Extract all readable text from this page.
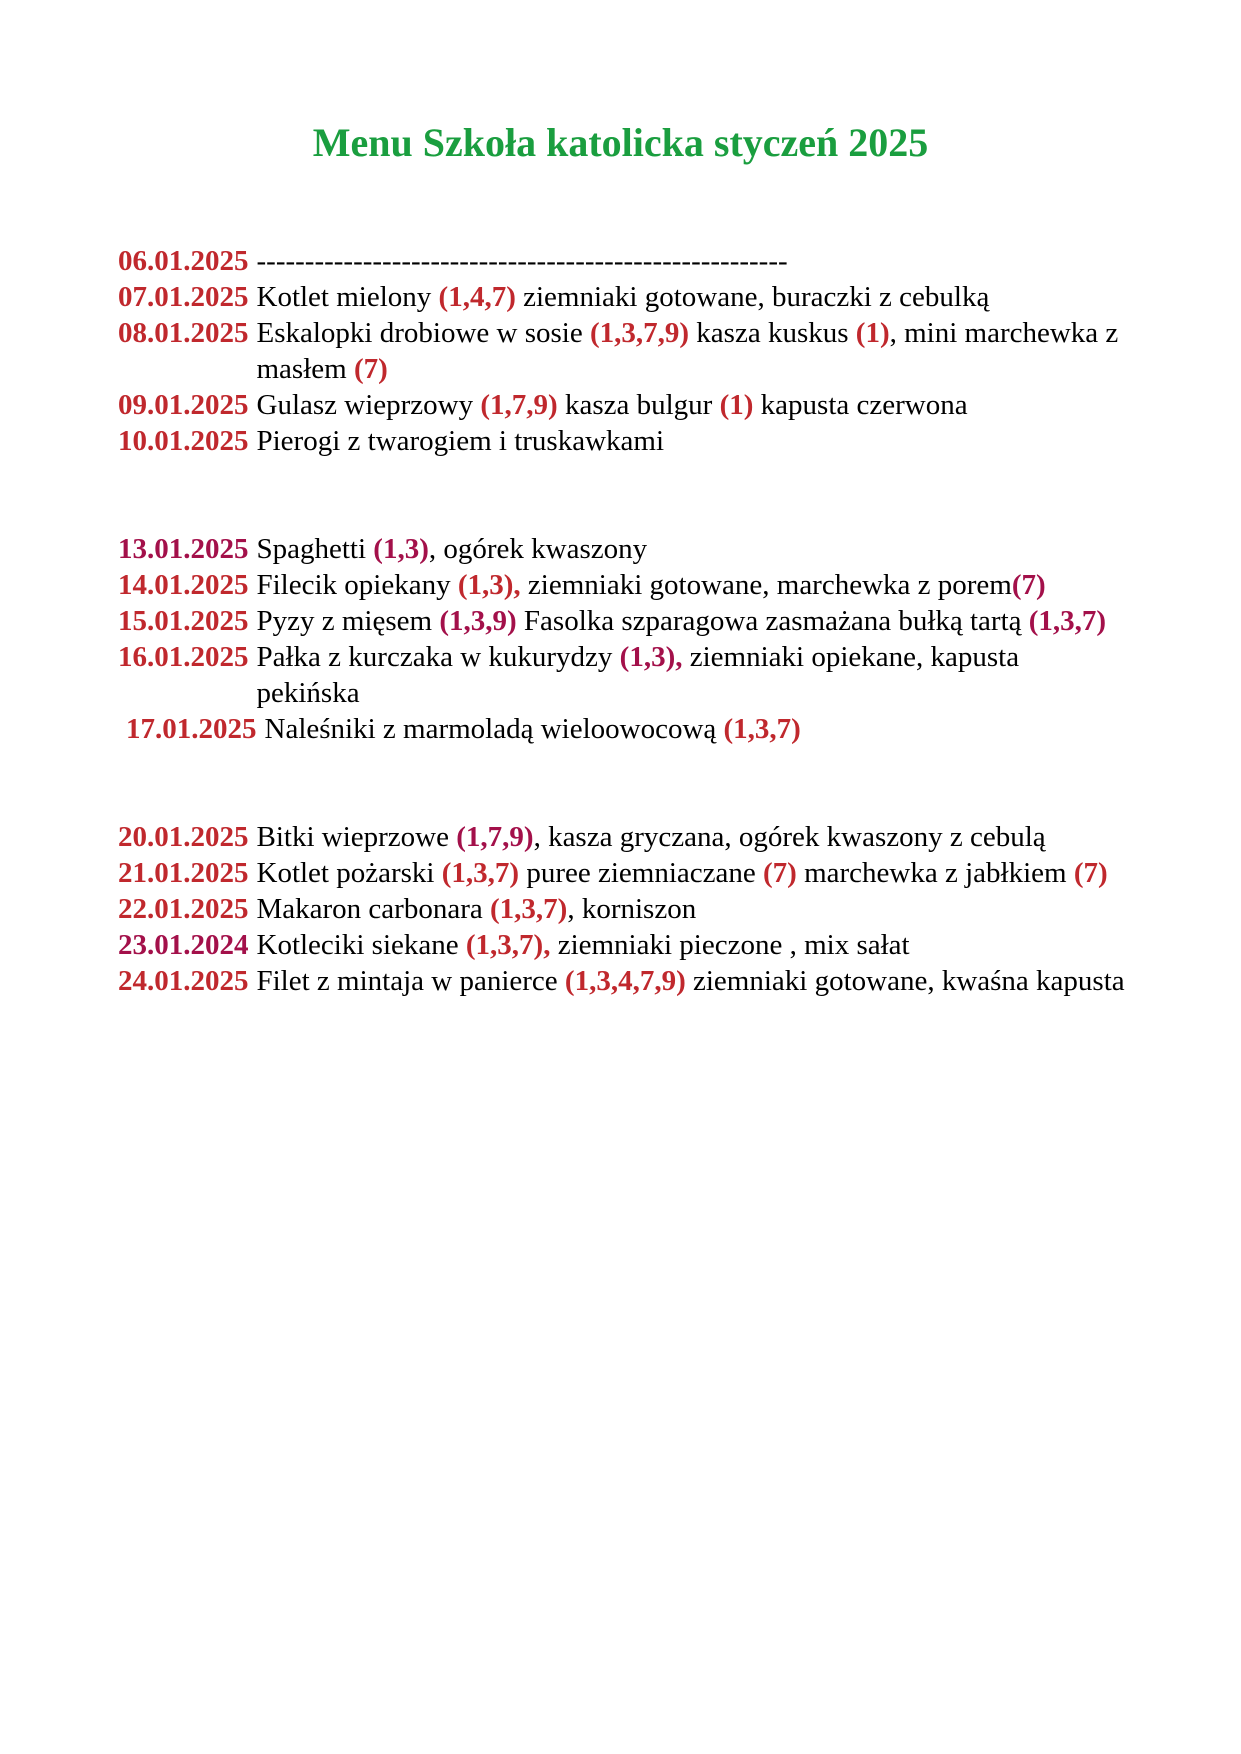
Menu Szkoła katolicka styczeń 2025
06.01.2025 -------------------------------------------------------
07.01.2025 Kotlet mielony (1,4,7) ziemniaki gotowane, buraczki z cebulką
08.01.2025 Eskalopki drobiowe w sosie (1,3,7,9) kasza kuskus (1), mini marchewka z masłem (7)
09.01.2025 Gulasz wieprzowy (1,7,9) kasza bulgur (1) kapusta czerwona
10.01.2025 Pierogi z twarogiem i truskawkami
13.01.2025 Spaghetti (1,3), ogórek kwaszony
14.01.2025 Filecik opiekany (1,3), ziemniaki gotowane, marchewka z porem(7)
15.01.2025 Pyzy z mięsem (1,3,9) Fasolka szparagowa zasmażana bułką tartą (1,3,7)
16.01.2025 Pałka z kurczaka w kukurydzy (1,3), ziemniaki opiekane, kapusta pekińska
17.01.2025 Naleśniki z marmoladą wieloowocową (1,3,7)
20.01.2025 Bitki wieprzowe (1,7,9), kasza gryczana, ogórek kwaszony z cebulą
21.01.2025 Kotlet pożarski (1,3,7) puree ziemniaczane (7) marchewka z jabłkiem (7)
22.01.2025 Makaron carbonara (1,3,7), korniszon
23.01.2024 Kotleciki siekane (1,3,7), ziemniaki pieczone , mix sałat
24.01.2025 Filet z mintaja w panierce (1,3,4,7,9) ziemniaki gotowane, kwaśna kapusta
